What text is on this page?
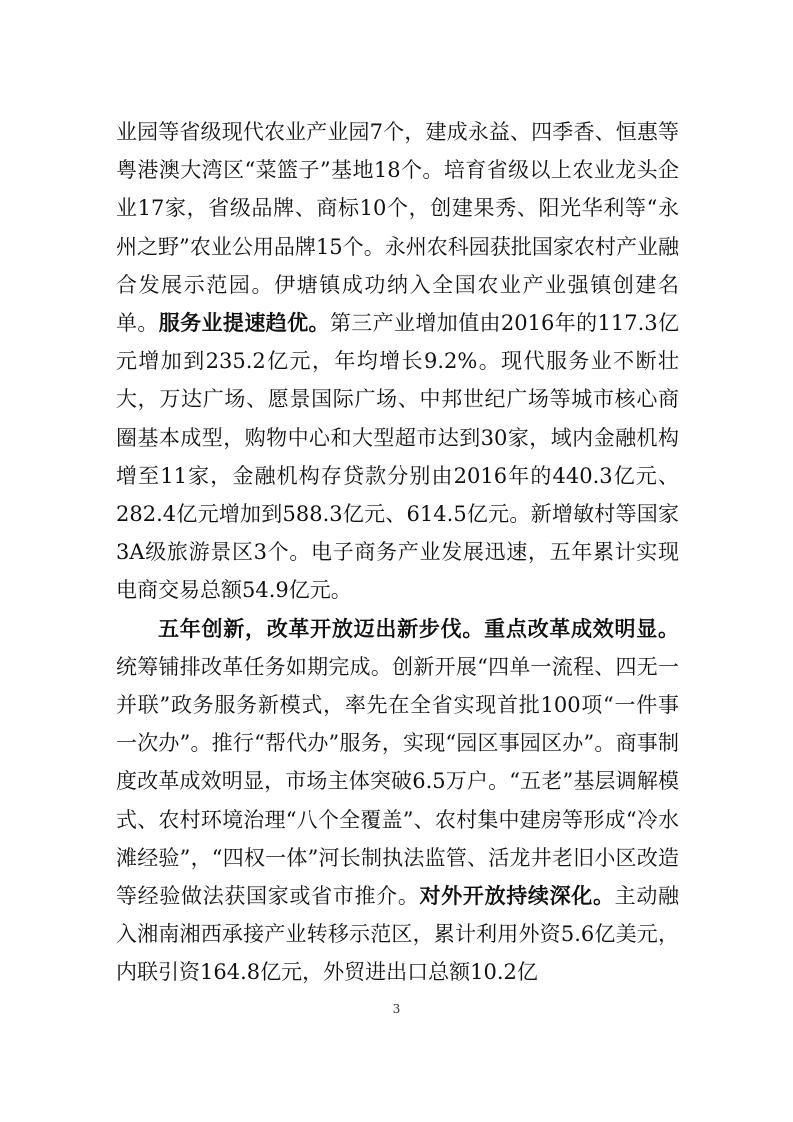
业园等省级现代农业产业园7个，建成永益、四季香、恒惠等粤港澳大湾区“菜篮子”基地18个。培育省级以上农业龙头企业17家，省级品牌、商标10个，创建果秀、阳光华利等“永州之野”农业公用品牌15个。永州农科园获批国家农村产业融合发展示范园。伊塘镇成功纳入全国农业产业强镇创建名单。服务业提速趋优。第三产业增加值由2016年的117.3亿元增加到235.2亿元，年均增长9.2%。现代服务业不断壮大，万达广场、愿景国际广场、中邦世纪广场等城市核心商圈基本成型，购物中心和大型超市达到30家，域内金融机构增至11家，金融机构存贷款分别由2016年的440.3亿元、282.4亿元增加到588.3亿元、614.5亿元。新增敏村等国家3A级旅游景区3个。电子商务产业发展迅速，五年累计实现电商交易总额54.9亿元。

五年创新，改革开放迈出新步伐。重点改革成效明显。统筹铺排改革任务如期完成。创新开展“四单一流程、四无一并联”政务服务新模式，率先在全省实现首批100项“一件事一次办”。推行“帮代办”服务，实现“园区事园区办”。商事制度改革成效明显，市场主体突破6.5万户。“五老”基层调解模式、农村环境治理“八个全覆盖”、农村集中建房等形成“冷水滩经验”，“四权一体”河长制执法监管、活龙井老旧小区改造等经验做法获国家或省市推介。对外开放持续深化。主动融入湘南湘西承接产业转移示范区，累计利用外资5.6亿美元，内联引资164.8亿元，外贸进出口总额10.2亿

3
